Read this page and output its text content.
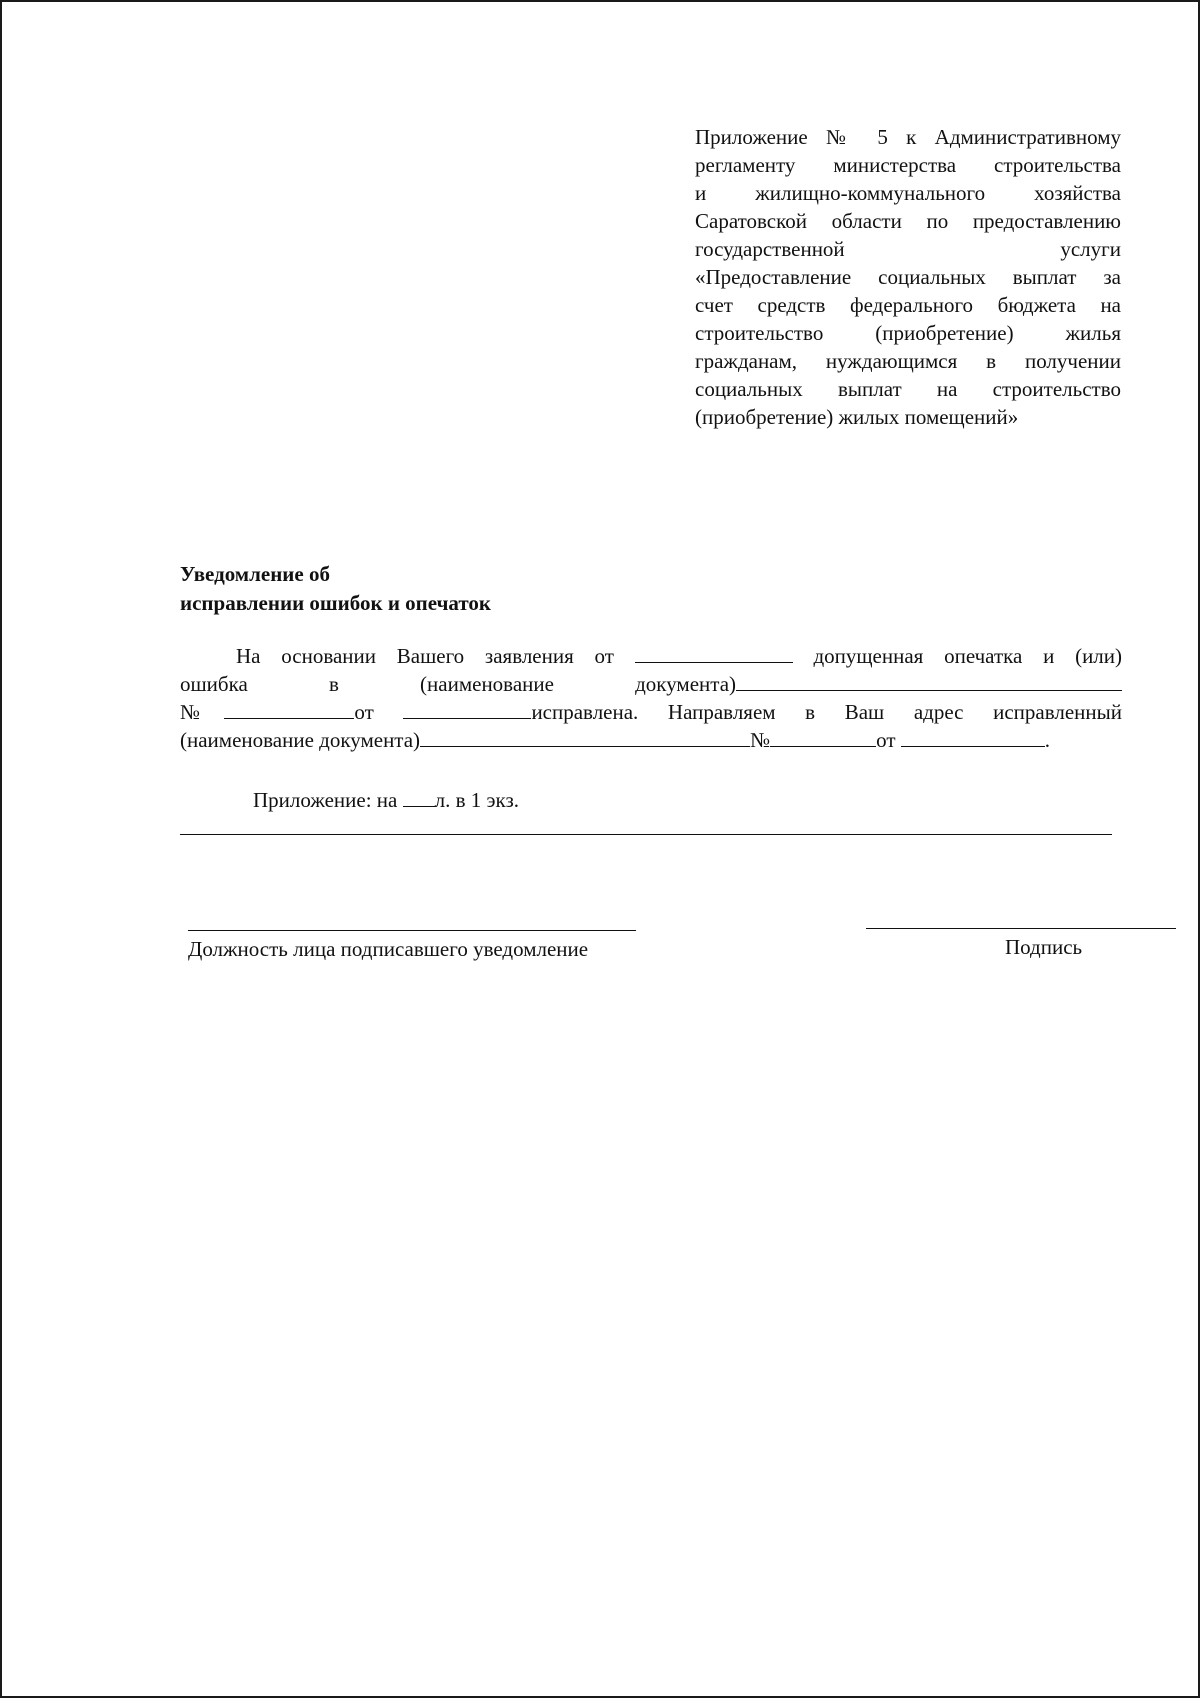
Приложение № 5 к Административному
регламенту министерства строительства
и жилищно-коммунального хозяйства
Саратовской области по предоставлению
государственной услуги
«Предоставление социальных выплат за
счет средств федерального бюджета на
строительство (приобретение) жилья
гражданам, нуждающимся в получении
социальных выплат на строительство
(приобретение) жилых помещений»
Уведомление об
исправлении ошибок и опечаток
На основании Вашего заявления от	допущенная опечатка и (или)
ошибка	в	(наименование	документа)
№	от	исправлена. Направляем в Ваш адрес исправленный
(наименование документа)	№	от	.
Приложение: на л. в 1 экз.
Должность лица подписавшего уведомление	Подпись
